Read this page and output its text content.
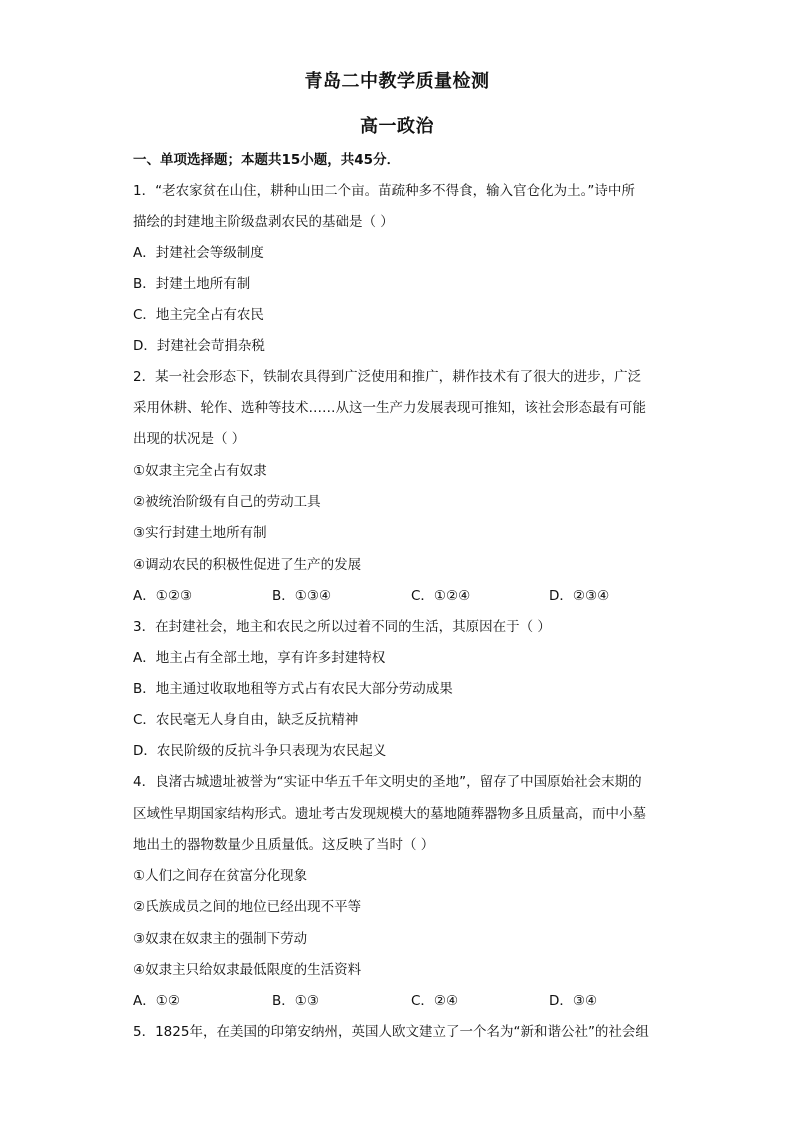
青岛二中教学质量检测
高一政治
一、单项选择题；本题共15小题，共45分．
1．“老农家贫在山住，耕种山田二个亩。苗疏种多不得食，输入官仓化为土。”诗中所
描绘的封建地主阶级盘剥农民的基础是（ ）
A．封建社会等级制度
B．封建土地所有制
C．地主完全占有农民
D．封建社会苛捐杂税
2．某一社会形态下，铁制农具得到广泛使用和推广，耕作技术有了很大的进步，广泛
采用休耕、轮作、选种等技术……从这一生产力发展表现可推知，该社会形态最有可能
出现的状况是（ ）
①奴隶主完全占有奴隶
②被统治阶级有自己的劳动工具
③实行封建土地所有制
④调动农民的积极性促进了生产的发展
A．①②③	B．①③④	C．①②④	D．②③④
3．在封建社会，地主和农民之所以过着不同的生活，其原因在于（ ）
A．地主占有全部土地，享有许多封建特权
B．地主通过收取地租等方式占有农民大部分劳动成果
C．农民毫无人身自由，缺乏反抗精神
D．农民阶级的反抗斗争只表现为农民起义
4．良渚古城遗址被誉为“实证中华五千年文明史的圣地”，留存了中国原始社会末期的
区域性早期国家结构形式。遗址考古发现规模大的墓地随葬器物多且质量高，而中小墓
地出土的器物数量少且质量低。这反映了当时（ ）
①人们之间存在贫富分化现象
②氏族成员之间的地位已经出现不平等
③奴隶在奴隶主的强制下劳动
④奴隶主只给奴隶最低限度的生活资料
A．①②	B．①③	C．②④	D．③④
5．1825年，在美国的印第安纳州，英国人欧文建立了一个名为“新和谐公社”的社会组
